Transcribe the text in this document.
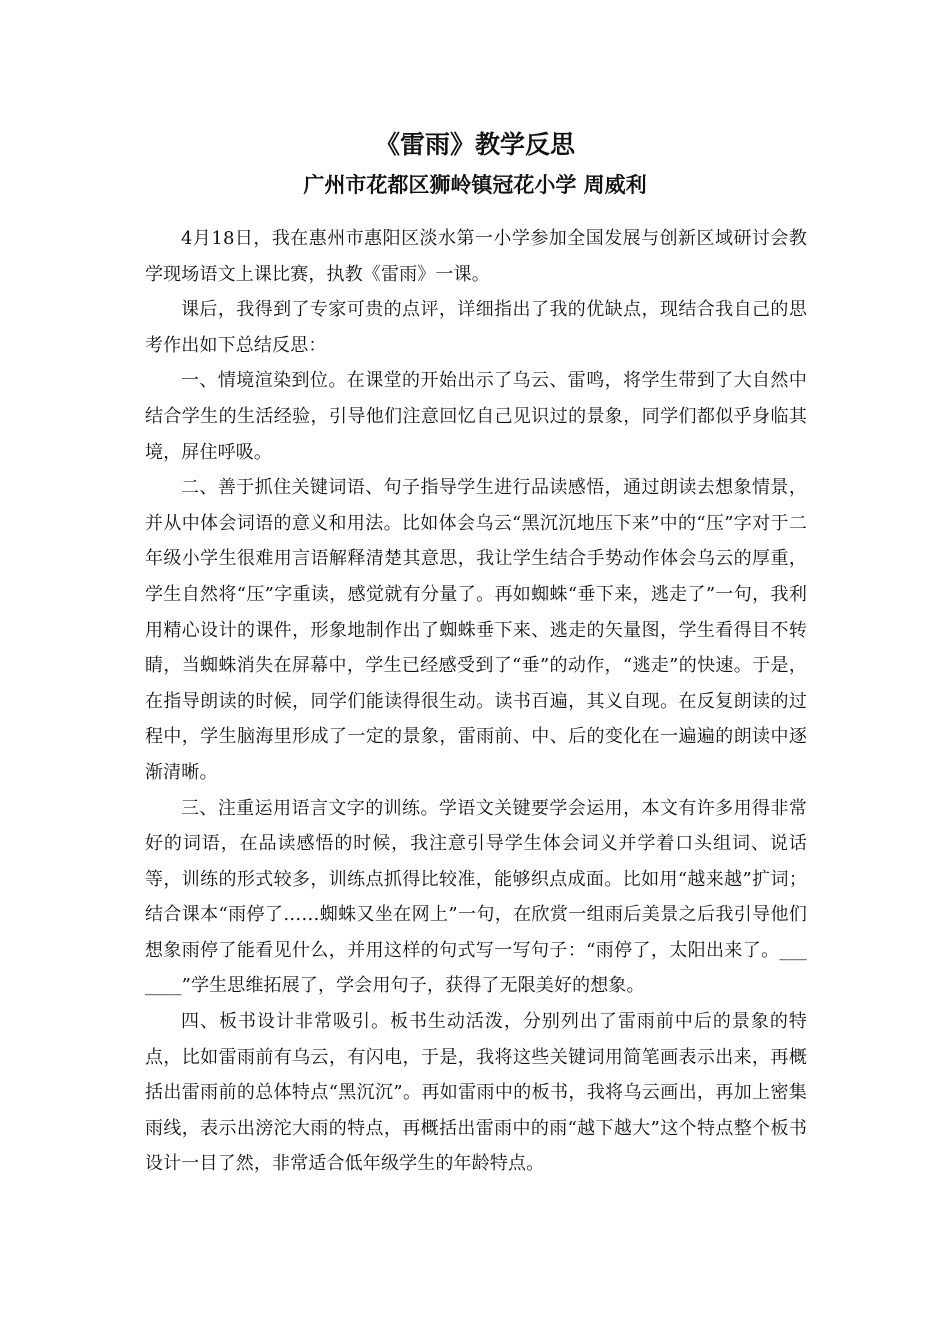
《雷雨》教学反思
广州市花都区狮岭镇冠花小学 周威利

4月18日，我在惠州市惠阳区淡水第一小学参加全国发展与创新区域研讨会教学现场语文上课比赛，执教《雷雨》一课。

课后，我得到了专家可贵的点评，详细指出了我的优缺点，现结合我自己的思考作出如下总结反思：

一、情境渲染到位。在课堂的开始出示了乌云、雷鸣，将学生带到了大自然中结合学生的生活经验，引导他们注意回忆自己见识过的景象，同学们都似乎身临其境，屏住呼吸。

二、善于抓住关键词语、句子指导学生进行品读感悟，通过朗读去想象情景，并从中体会词语的意义和用法。比如体会乌云“黑沉沉地压下来”中的“压”字对于二年级小学生很难用言语解释清楚其意思，我让学生结合手势动作体会乌云的厚重，学生自然将“压”字重读，感觉就有分量了。再如蜘蛛“垂下来，逃走了”一句，我利用精心设计的课件，形象地制作出了蜘蛛垂下来、逃走的矢量图，学生看得目不转睛，当蜘蛛消失在屏幕中，学生已经感受到了“垂”的动作，“逃走”的快速。于是，在指导朗读的时候，同学们能读得很生动。读书百遍，其义自现。在反复朗读的过程中，学生脑海里形成了一定的景象，雷雨前、中、后的变化在一遍遍的朗读中逐渐清晰。

三、注重运用语言文字的训练。学语文关键要学会运用，本文有许多用得非常好的词语，在品读感悟的时候，我注意引导学生体会词义并学着口头组词、说话等，训练的形式较多，训练点抓得比较准，能够织点成面。比如用“越来越”扩词；结合课本“雨停了……蜘蛛又坐在网上”一句，在欣赏一组雨后美景之后我引导他们想象雨停了能看见什么，并用这样的句式写一写句子：“雨停了，太阳出来了。_______”学生思维拓展了，学会用句子，获得了无限美好的想象。

四、板书设计非常吸引。板书生动活泼，分别列出了雷雨前中后的景象的特点，比如雷雨前有乌云，有闪电，于是，我将这些关键词用简笔画表示出来，再概括出雷雨前的总体特点“黑沉沉”。再如雷雨中的板书，我将乌云画出，再加上密集雨线，表示出滂沱大雨的特点，再概括出雷雨中的雨“越下越大”这个特点整个板书设计一目了然，非常适合低年级学生的年龄特点。
